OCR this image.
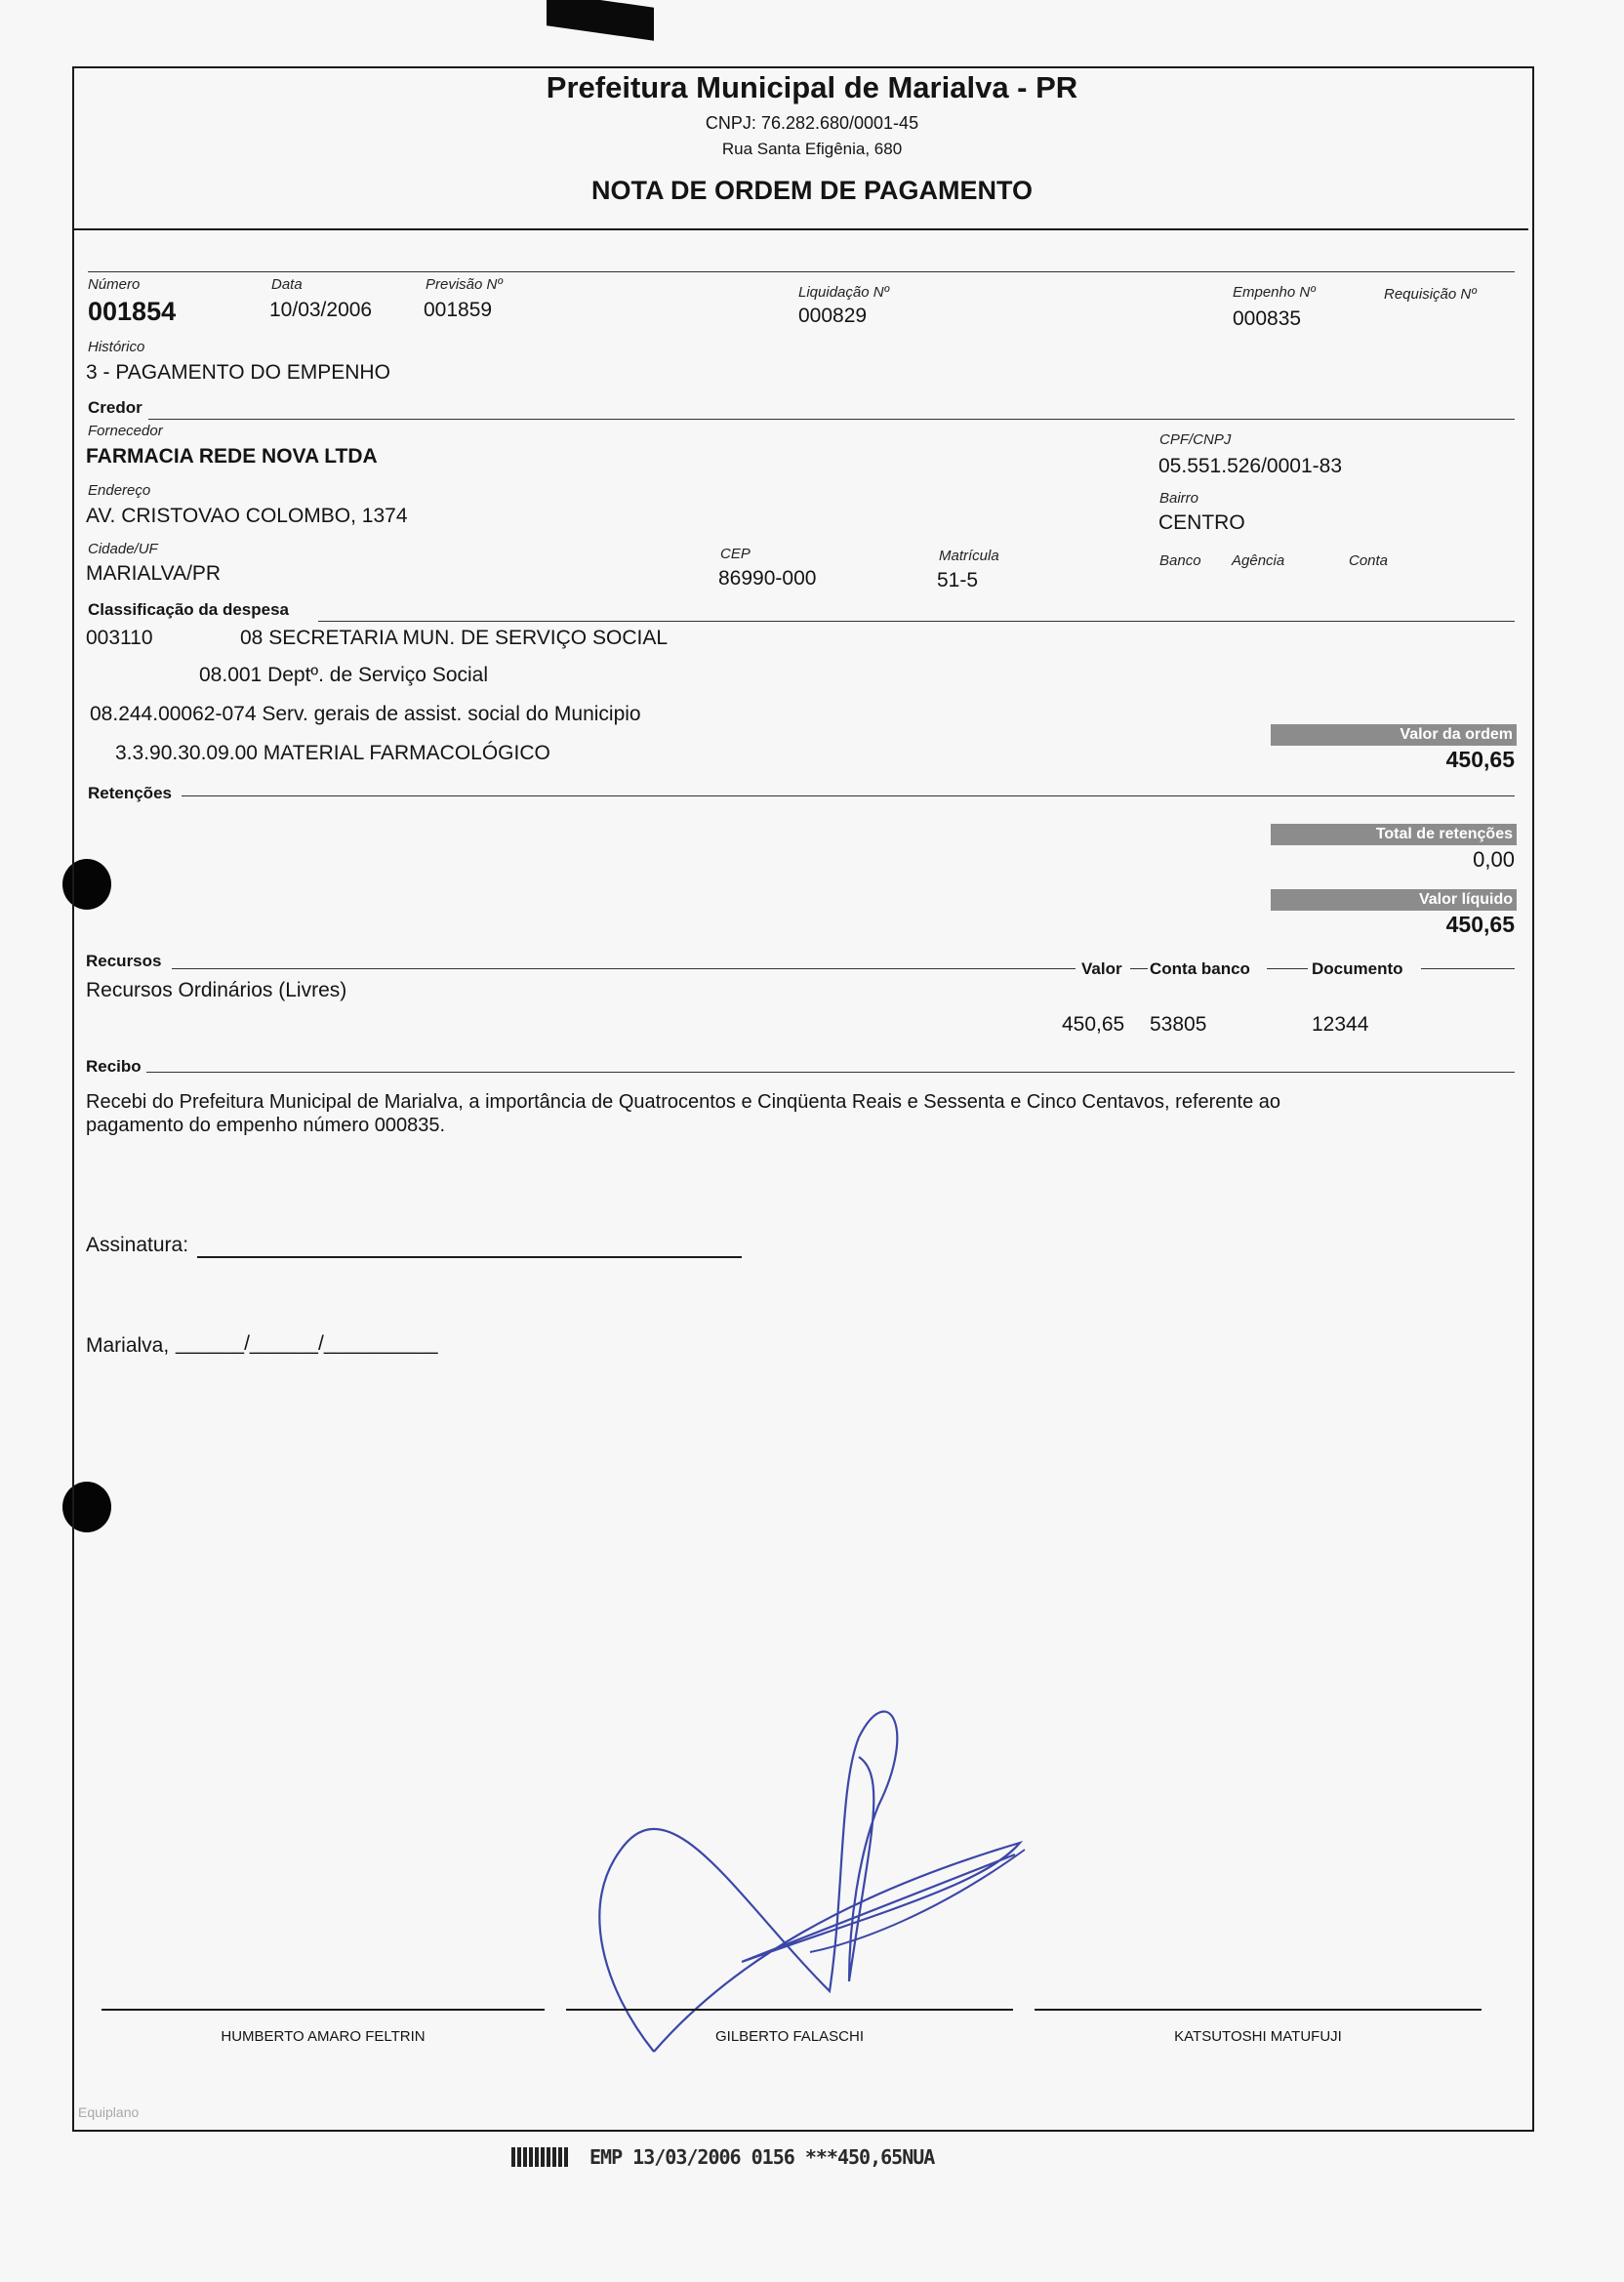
Prefeitura Municipal de Marialva - PR
CNPJ: 76.282.680/0001-45
Rua Santa Efigênia, 680
NOTA DE ORDEM DE PAGAMENTO
Número
001854
Data
10/03/2006
Previsão Nº
001859
Liquidação Nº
000829
Empenho Nº
000835
Requisição Nº
Histórico
3 - PAGAMENTO DO EMPENHO
Credor
Fornecedor
FARMACIA REDE NOVA LTDA
CPF/CNPJ
05.551.526/0001-83
Endereço
AV. CRISTOVAO COLOMBO, 1374
Bairro
CENTRO
Cidade/UF
MARIALVA/PR
CEP
86990-000
Matrícula
51-5
Banco Agência	Conta
Classificação da despesa
003110	08 SECRETARIA MUN. DE SERVIÇO SOCIAL
08.001 Deptº. de Serviço Social
08.244.00062-074 Serv. gerais de assist. social do Municipio
3.3.90.30.09.00 MATERIAL FARMACOLÓGICO
Valor da ordem
450,65
Retenções
Total de retenções
0,00
Valor líquido
450,65
Recursos	Valor Conta banco	Documento
Recursos Ordinários (Livres)
450,65 53805	12344
Recibo
Recebi do Prefeitura Municipal de Marialva, a importância de Quatrocentos e Cinqüenta Reais e Sessenta e Cinco Centavos, referente ao
pagamento do empenho número 000835.
Assinatura:
Marialva, ______/______/__________
HUMBERTO AMARO FELTRIN	GILBERTO FALASCHI	KATSUTOSHI MATUFUJI
Equiplano
EMP 13/03/2006 0156 ***450,65NUA
